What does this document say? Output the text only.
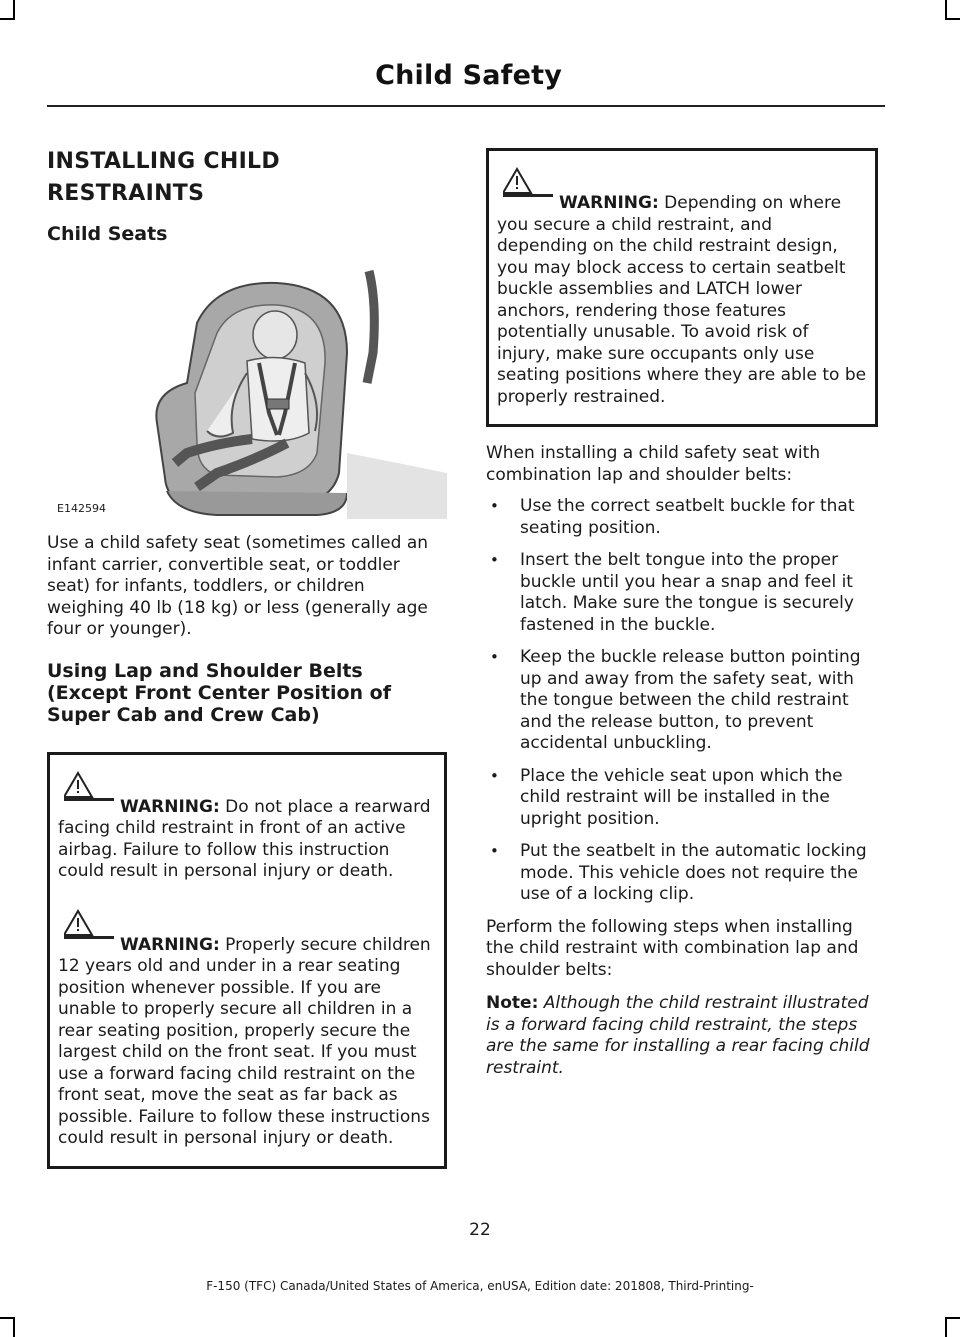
Child Safety
INSTALLING CHILD
RESTRAINTS
Child Seats
E142594

Use a child safety seat (sometimes called an infant carrier, convertible seat, or toddler seat) for infants, toddlers, or children weighing 40 lb (18 kg) or less (generally age four or younger).

Using Lap and Shoulder Belts (Except Front Center Position of Super Cab and Crew Cab)
WARNING: Do not place a rearward facing child restraint in front of an active airbag. Failure to follow this instruction could result in personal injury or death.
WARNING: Properly secure children 12 years old and under in a rear seating position whenever possible. If you are unable to properly secure all children in a rear seating position, properly secure the largest child on the front seat. If you must use a forward facing child restraint on the front seat, move the seat as far back as possible. Failure to follow these instructions could result in personal injury or death.
WARNING: Depending on where you secure a child restraint, and depending on the child restraint design, you may block access to certain seatbelt buckle assemblies and LATCH lower anchors, rendering those features potentially unusable. To avoid risk of injury, make sure occupants only use seating positions where they are able to be properly restrained.

When installing a child safety seat with combination lap and shoulder belts:

• Use the correct seatbelt buckle for that seating position.
• Insert the belt tongue into the proper buckle until you hear a snap and feel it latch. Make sure the tongue is securely fastened in the buckle.
• Keep the buckle release button pointing up and away from the safety seat, with the tongue between the child restraint and the release button, to prevent accidental unbuckling.
• Place the vehicle seat upon which the child restraint will be installed in the upright position.
• Put the seatbelt in the automatic locking mode. This vehicle does not require the use of a locking clip.

Perform the following steps when installing the child restraint with combination lap and shoulder belts:

Note: Although the child restraint illustrated is a forward facing child restraint, the steps are the same for installing a rear facing child restraint.

22
F-150 (TFC) Canada/United States of America, enUSA, Edition date: 201808, Third-Printing-
